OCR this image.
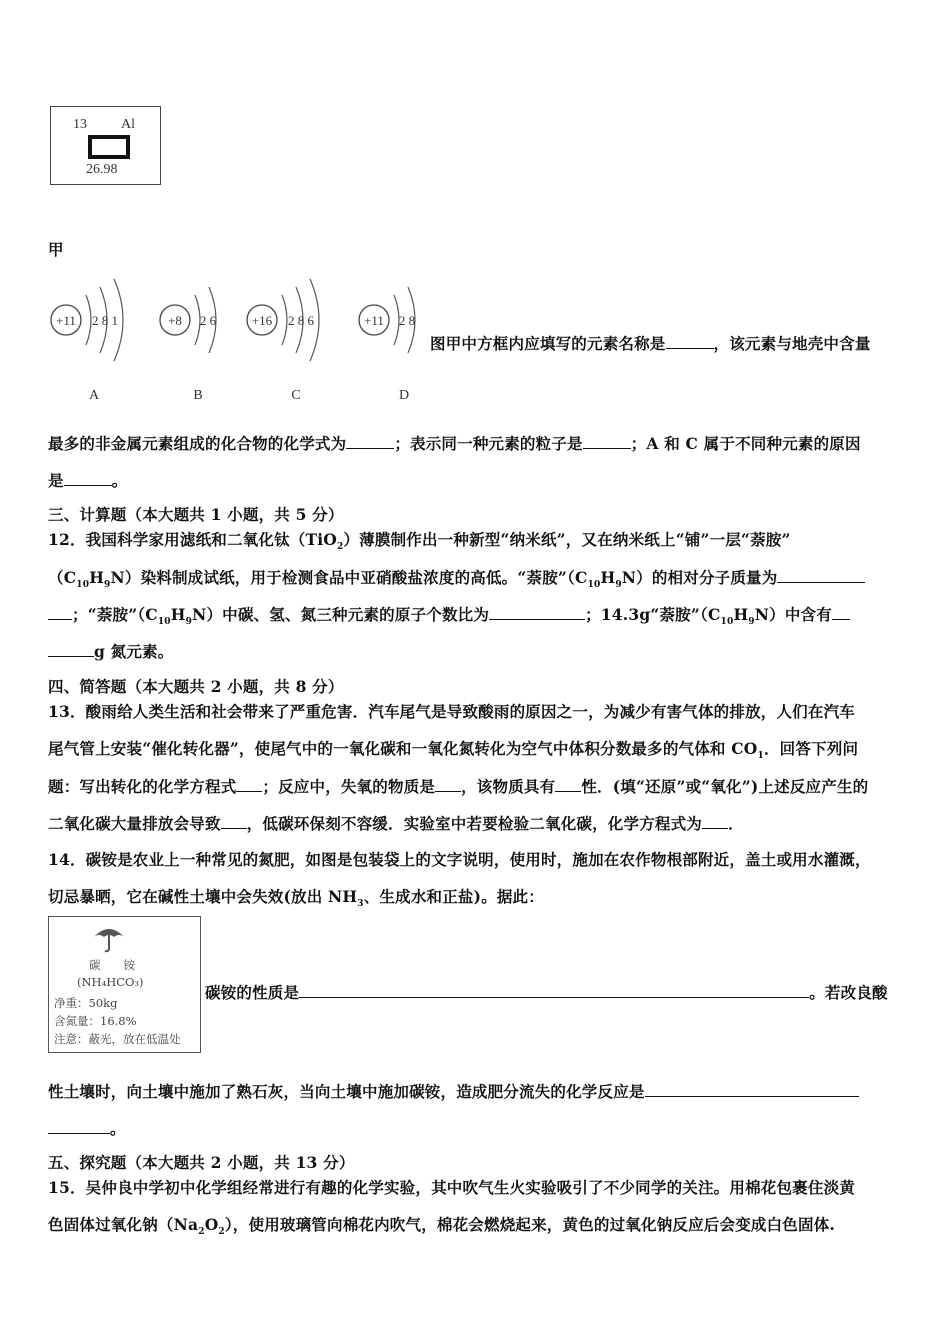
13 Al
26.98
甲
+11 2 8 1
A
+8 2 6
B
+16 2 8 6
C
+11 2 8
D
图甲中方框内应填写的元素名称是	，该元素与地壳中含量
最多的非金属元素组成的化合物的化学式为	；表示同一种元素的粒子是	；A 和 C 属于不同种元素的原因
是	。
三、计算题（本大题共 1 小题，共 5 分）
12．我国科学家用滤纸和二氧化钛（TiO$_2$）薄膜制作出一种新型“纳米纸”，又在纳米纸上“铺”一层“萘胺”
$(C_{10}H_9N)$染料制成试纸，用于检测食品中亚硝酸盐浓度的高低。“萘胺$”(C_{10}H_9N)$的相对分子质量为
；“萘胺$”(C_{10}H_9N)$中碳、氢、氮三种元素的原子个数比为	；14.3g“萘胺$”(C_{10}H_9N)$中含有
g 氮元素。
四、简答题（本大题共 2 小题，共 8 分）
13．酸雨给人类生活和社会带来了严重危害．汽车尾气是导致酸雨的原因之一，为减少有害气体的排放，人们在汽车
尾气管上安装“催化转化器”，使尾气中的一氧化碳和一氧化氮转化为空气中体积分数最多的气体和 $CO_1$．回答下列问
题：写出转化的化学方程式 ；反应中，失氧的物质是 ，该物质具有 性．(填“还原”或“氧化”)上述反应产生的
二氧化碳大量排放会导致 ，低碳环保刻不容缓．实验室中若要检验二氧化碳，化学方程式为 ．
14．碳铵是农业上一种常见的氮肥，如图是包装袋上的文字说明，使用时，施加在农作物根部附近，盖土或用水灌溉，
切忌暴晒，它在碱性土壤中会失效(放出 $NH_3$、生成水和正盐)。据此：
碳　　铵
(NH₄HCO₃)
净重：50kg
含氮量：16.8%
注意：蔽光，放在低温处
碳铵的性质是	。若改良酸
性土壤时，向土壤中施加了熟石灰，当向土壤中施加碳铵，造成肥分流失的化学反应是
。
五、探究题（本大题共 2 小题，共 13 分）
15．吴仲良中学初中化学组经常进行有趣的化学实验，其中吹气生火实验吸引了不少同学的关注。用棉花包裹住淡黄
色固体过氧化钠$(Na_2O_2)$，使用玻璃管向棉花内吹气，棉花会燃烧起来，黄色的过氧化钠反应后会变成白色固体.
